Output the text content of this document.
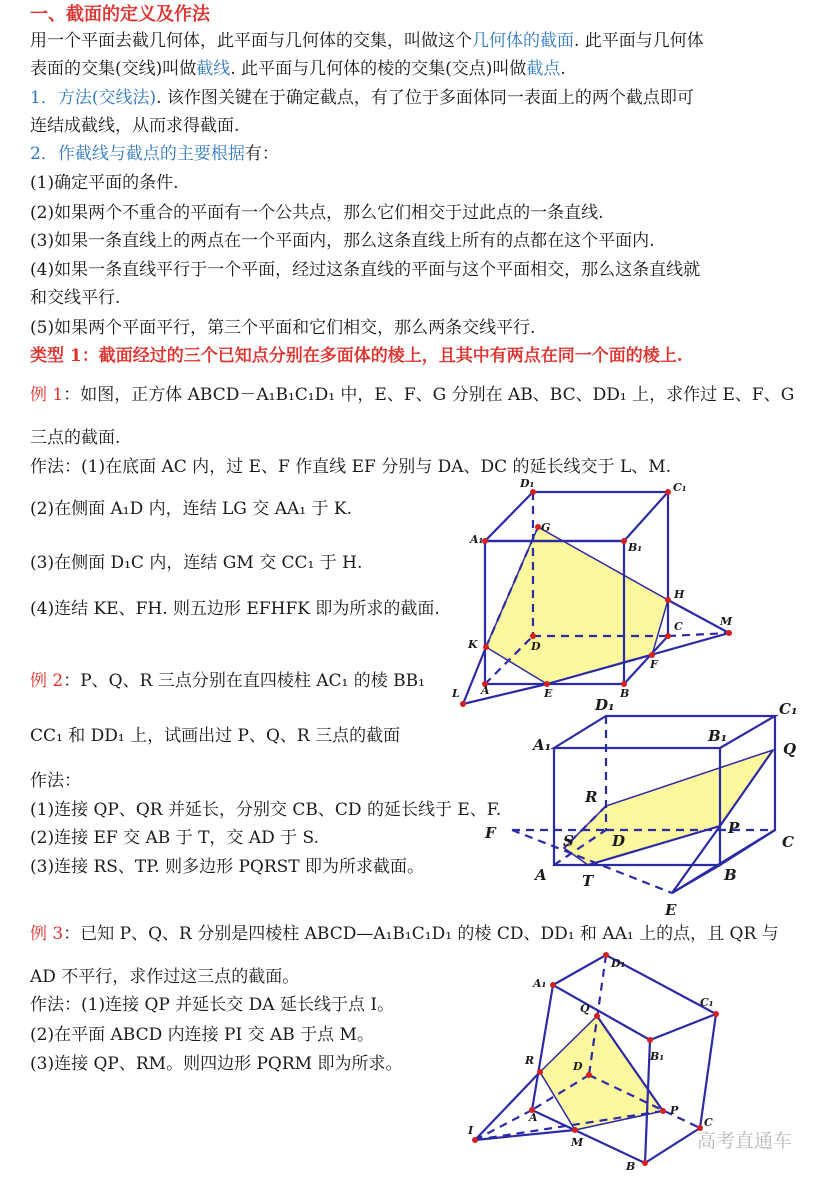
一、截面的定义及作法
用一个平面去截几何体，此平面与几何体的交集，叫做这个几何体的截面. 此平面与几何体
表面的交集(交线)叫做截线. 此平面与几何体的棱的交集(交点)叫做截点.
1．方法(交线法). 该作图关键在于确定截点，有了位于多面体同一表面上的两个截点即可
连结成截线，从而求得截面.
2．作截线与截点的主要根据有：
(1)确定平面的条件.
(2)如果两个不重合的平面有一个公共点，那么它们相交于过此点的一条直线.
(3)如果一条直线上的两点在一个平面内，那么这条直线上所有的点都在这个平面内.
(4)如果一条直线平行于一个平面，经过这条直线的平面与这个平面相交，那么这条直线就
和交线平行.
(5)如果两个平面平行，第三个平面和它们相交，那么两条交线平行.
类型 1：截面经过的三个已知点分别在多面体的棱上，且其中有两点在同一个面的棱上.
例 1：如图，正方体 ABCD－A₁B₁C₁D₁ 中，E、F、G 分别在 AB、BC、DD₁ 上，求作过 E、F、G
三点的截面.
作法：(1)在底面 AC 内，过 E、F 作直线 EF 分别与 DA、DC 的延长线交于 L、M.
(2)在侧面 A₁D 内，连结 LG 交 AA₁ 于 K.
(3)在侧面 D₁C 内，连结 GM 交 CC₁ 于 H.
(4)连结 KE、FH. 则五边形 EFHFK 即为所求的截面.
D₁	C₁
A₁
G
B₁
H
M
C
K	D
F
L A	E	B
例 2：P、Q、R 三点分别在直四棱柱 AC₁ 的棱 BB₁
CC₁ 和 DD₁ 上，试画出过 P、Q、R 三点的截面
作法：
(1)连接 QP、QR 并延长，分别交 CB、CD 的延长线于 E、F.
(2)连接 EF 交 AB 于 T，交 AD 于 S.
(3)连接 RS、TP. 则多边形 PQRST 即为所求截面。
D₁	C₁
A₁	B₁
Q
R
F	S	D
P
C
A T	B
E
例 3：已知 P、Q、R 分别是四棱柱 ABCD—A₁B₁C₁D₁ 的棱 CD、DD₁ 和 AA₁ 上的点，且 QR 与
AD 不平行，求作过这三点的截面。
作法：(1)连接 QP 并延长交 DA 延长线于点 I。
(2)在平面 ABCD 内连接 PI 交 AB 于点 M。
(3)连接 QP、RM。则四边形 PQRM 即为所求。
D₁
A₁
C₁
Q
B₁
R	D
P
A
I
M
C
B
高考直通车
